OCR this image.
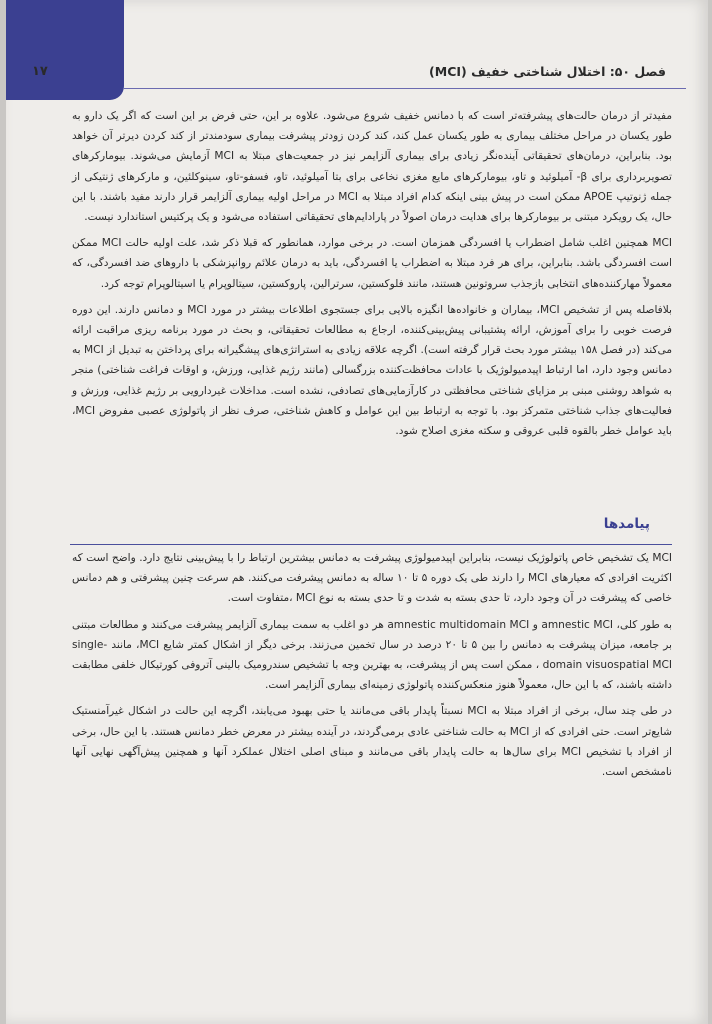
۱۷	فصل ۵۰: اختلال شناختی خفیف (MCI)

مفیدتر از درمان حالت‌های پیشرفته‌تر است که با دمانس خفیف شروع می‌شود. علاوه بر این، حتی فرض بر این است که اگر یک دارو به طور یکسان در مراحل مختلف بیماری به طور یکسان عمل کند، کند کردن زودتر پیشرفت بیماری سودمندتر از کند کردن دیرتر آن خواهد بود. بنابراین، درمان‌های تحقیقاتی آینده‌نگر زیادی برای بیماری آلزایمر نیز در جمعیت‌های مبتلا به MCI آزمایش می‌شوند. بیومارکرهای تصویربرداری برای β- آمیلوئید و تاو، بیومارکرهای مایع مغزی نخاعی برای بتا آمیلوئید، تاو، فسفو-تاو، سینوکلئین، و مارکرهای ژنتیکی از جمله ژنوتیپ APOE ممکن است در پیش بینی اینکه کدام افراد مبتلا به MCI در مراحل اولیه بیماری آلزایمر قرار دارند مفید باشند. با این حال، یک رویکرد مبتنی بر بیومارکرها برای هدایت درمان اصولاً در پارادایم‌های تحقیقاتی استفاده می‌شود و یک پرکتیس استاندارد نیست.

MCI همچنین اغلب شامل اضطراب یا افسردگی همزمان است. در برخی موارد، همانطور که قبلا ذکر شد، علت اولیه حالت MCI ممکن است افسردگی باشد. بنابراین، برای هر فرد مبتلا به اضطراب یا افسردگی، باید به درمان علائم روانپزشکی با داروهای ضد افسردگی، که معمولاً مهارکننده‌های انتخابی بازجذب سروتونین هستند، مانند فلوکستین، سرترالین، پاروکستین، سیتالوپرام یا اسیتالوپرام توجه کرد.

بلافاصله پس از تشخیص MCI، بیماران و خانواده‌ها انگیزه بالایی برای جستجوی اطلاعات بیشتر در مورد MCI و دمانس دارند. این دوره فرصت خوبی را برای آموزش، ارائه پشتیبانی پیش‌بینی‌کننده، ارجاع به مطالعات تحقیقاتی، و بحث در مورد برنامه ریزی مراقبت ارائه می‌کند (در فصل ۱۵۸ بیشتر مورد بحث قرار گرفته است). اگرچه علاقه زیادی به استراتژی‌های پیشگیرانه برای پرداختن به تبدیل از MCI به دمانس وجود دارد، اما ارتباط اپیدمیولوژیک با عادات محافظت‌کننده بزرگسالی (مانند رژیم غذایی، ورزش، و اوقات فراغت شناختی) منجر به شواهد روشنی مبنی بر مزایای شناختی محافظتی در کارآزمایی‌های تصادفی، نشده است. مداخلات غیردارویی بر رژیم غذایی، ورزش و فعالیت‌های جذاب شناختی متمرکز بود. با توجه به ارتباط بین این عوامل و کاهش شناختی، صرف نظر از پاتولوژی عصبی مفروض MCI، باید عوامل خطر بالقوه قلبی عروقی و سکته مغزی اصلاح شود.

پیامدها

MCI یک تشخیص خاص پاتولوژیک نیست، بنابراین اپیدمیولوژی پیشرفت به دمانس بیشترین ارتباط را با پیش‌بینی نتایج دارد. واضح است که اکثریت افرادی که معیارهای MCI را دارند طی یک دوره ۵ تا ۱۰ ساله به دمانس پیشرفت می‌کنند. هم سرعت چنین پیشرفتی و هم دمانس خاصی که پیشرفت در آن وجود دارد، تا حدی بسته به شدت و تا حدی بسته به نوع MCI ،متفاوت است.

به طور کلی، amnestic MCI و amnestic multidomain MCI هر دو اغلب به سمت بیماری آلزایمر پیشرفت می‌کنند و مطالعات مبتنی بر جامعه، میزان پیشرفت به دمانس را بین ۵ تا ۲۰ درصد در سال تخمین می‌زنند. برخی دیگر از اشکال کمتر شایع MCI، مانند single-domain visuospatial MCI ، ممکن است پس از پیشرفت، به بهترین وجه با تشخیص سندرومیک بالینی آتروفی کورتیکال خلفی مطابقت داشته باشند، که با این حال، معمولاً هنوز منعکس‌کننده پاتولوژی زمینه‌ای بیماری آلزایمر است.

در طی چند سال، برخی از افراد مبتلا به MCI نسبتاً پایدار باقی می‌مانند یا حتی بهبود می‌یابند، اگرچه این حالت در اشکال غیرآمنستیک شایع‌تر است. حتی افرادی که از MCI به حالت شناختی عادی برمی‌گردند، در آینده بیشتر در معرض خطر دمانس هستند. با این حال، برخی از افراد با تشخیص MCI برای سال‌ها به حالت پایدار باقی می‌مانند و مبنای اصلی اختلال عملکرد آنها و همچنین پیش‌آگهی نهایی آنها نامشخص است.
